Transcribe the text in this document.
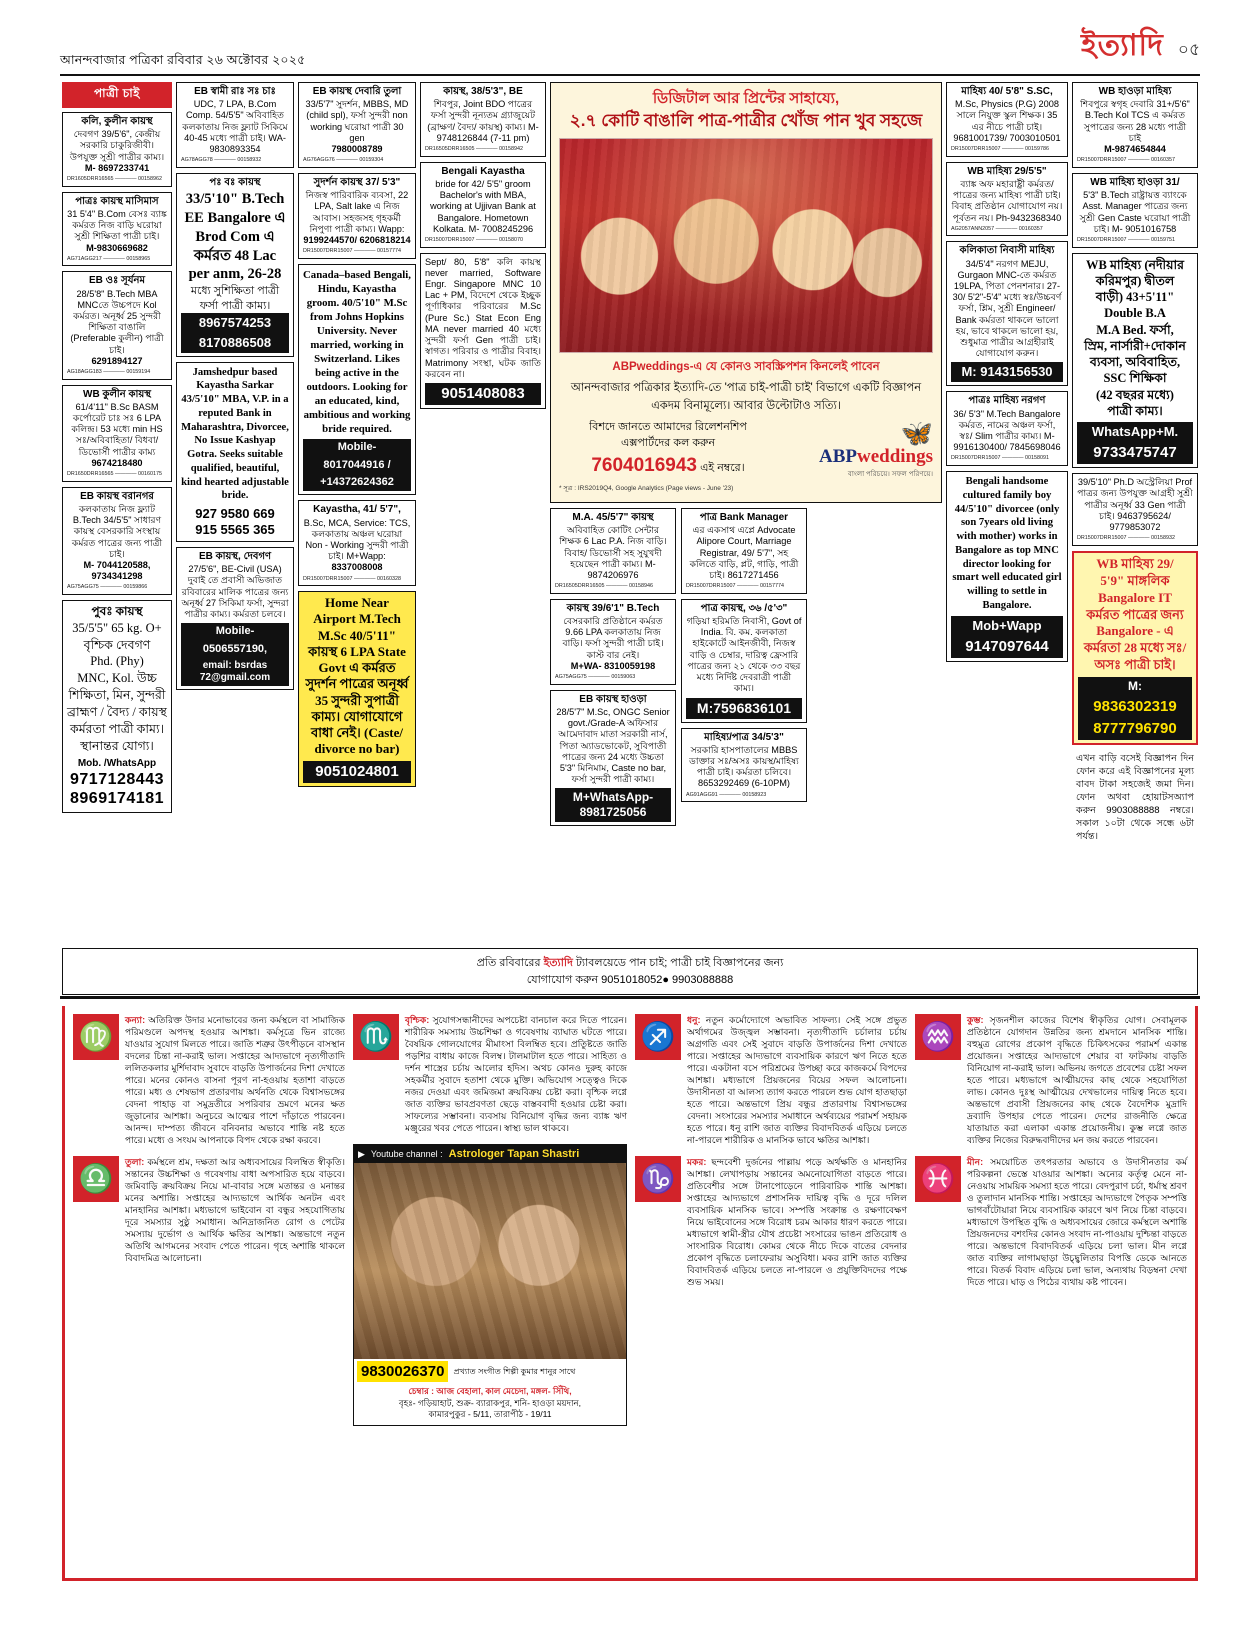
আনন্দবাজার পত্রিকা রবিবার ২৬ অক্টোবর ২০২৫	ইত্যাদি ০৫
পাত্রী চাই
কলি, কুলীন কায়স্থ
দেবগণ 39/5'6", কেন্দ্রীয় সরকারি চাকুরিজীবী। উপযুক্ত সুশ্রী পাত্রীর কাম্য।
M- 8697233741
DR1605DRR16565 ———— 00158962
পাত্রঃ কায়স্থ মাসিমাস
31 5'4" B.Com বেসঃ ব্যাঙ্ক কর্মরত নিজ বাড়ি ঘরোয়া সুশ্রী শিক্ষিতা পাত্রী চাই।
M-9830669682
AG71AGG217 ———— 00158965
EB ওঃ সূর্যনম
28/5'8" B.Tech MBA MNCতে উচ্চপদে Kol কর্মরত। অনূর্ধ্ব 25 সুন্দরী শিক্ষিতা বাঙালি (Preferable কুলীন) পাত্রী চাই।
6291894127
AG18AGG183 ———— 00159194
WB কুলীন কায়স্থ
61/4'11" B.Sc BASM কর্পোরেট চাঃ সঃ 6 LPA কলিন্দ্র। 53 মধ্যে min HS সঃ/অবিবাহিতা/ বিধবা/ডিভোর্সী পাত্রীর কাম্য
9674218480
DR1650DRR16565 ———— 00160175
EB কায়স্থ বরানগর
কলকাতায় নিজ ফ্ল্যাট B.Tech 34/5'5" সাধারণ কায়স্থ বেসরকারি সংস্থায় কর্মরত পাত্রের জন্য পাত্রী চাই।
M- 7044120588, 9734341298
AG75AGG75 ———— 00159866
পুবঃ কায়স্থ
35/5'5" 65 kg. O+
বৃশ্চিক দেবগণ
Phd. (Phy)
MNC, Kol. উচ্চ
শিক্ষিতা, মিন, সুন্দরী
ব্রাহ্মণ / বৈদ্য / কায়স্থ
কর্মরতা পাত্রী কাম্য।
স্থানান্তর যোগ্য।
Mob. /WhatsApp
9717128443
8969174181
EB স্বামী রাঃ সঃ চাঃ
UDC, 7 LPA, B.Com Comp. 54/5'5" অবিবাহিত কলকাতায় নিজ ফ্ল্যাট সিকিমে 40-45 মধ্যে পাত্রী চাই। WA-9830893354
AG78AGG78 ———— 00158932
পঃ বঃ কায়স্থ
33/5'10" B.Tech
EE Bangalore এ
Brod Com এ
কর্মরত 48 Lac
per anm, 26-28
মধ্যে সুশিক্ষিতা পাত্রী
ফর্সা পাত্রী কাম্য।
8967574253
8170886508
Jamshedpur based Kayastha Sarkar 43/5'10" MBA, V.P. in a reputed Bank in Maharashtra, Divorcee, No Issue Kashyap Gotra. Seeks suitable qualified, beautiful, kind hearted adjustable bride.
927 9580 669
915 5565 365
EB কায়স্থ, দেবগণ
27/5'6", BE-Civil (USA) দুবাই তে প্রবাসী অভিজাত রবিবারের মালিক পাত্রের জন্য অনূর্ধ্ব 27 সিকিমা ফর্সা, সুন্দরা পাত্রীর কাম্য। কর্মরতা চলবে।
Mobile-
0506557190,
email: bsrdas 72@gmail.com
EB কায়স্থ দেবারি তুলা
33/5'7" সুদর্শন, MBBS, MD (child spl), ফর্সা সুন্দরী non working ঘরোয়া পাত্রী 30 gen
7980008789
AG76AGG76 ———— 00159304
সুদর্শন কায়স্থ 37/ 5'3"
নিজস্ব পারিবারিক ব্যবসা, 22 LPA, Salt lake এ নিজ আবাস। সহজসহ গৃহকর্মী নিপুণা পাত্রী কাম্য। Wapp:
9199244570/ 6206818214
DR15007DRR15007 ———— 00157774
Canada–based Bengali, Hindu, Kayastha groom. 40/5'10" M.Sc from Johns Hopkins University. Never married, working in Switzerland. Likes being active in the outdoors. Looking for an educated, kind, ambitious and working bride required.
Mobile-
8017044916 /
+14372624362
Kayastha, 41/ 5'7",
B.Sc, MCA, Service: TCS, কলকাতায় অঞ্চল ঘরোয়া Non - Working সুন্দরী পাত্রী চাই। M+Wapp:
8337008008
DR15007DRR15007 ———— 00160328
Home Near
Airport M.Tech
M.Sc 40/5'11"
কায়স্থ 6 LPA State
Govt এ কর্মরত
সুদর্শন পাত্রের অনূর্ধ্ব
35 সুন্দরী সুপাত্রী
কাম্য। যোগাযোগে
বাধা নেই। (Caste/
divorce no bar)
9051024801
কায়স্থ, 38/5'3", BE
শিবপুর, Joint BDO পাত্রের ফর্সা সুন্দরী নূন্যতম গ্র্যাজুয়েট (ব্রাক্ষণ/ বৈদ্য/ কায়স্থ) কাম্য। M-9748126844 (7-11 pm)
DR16505DRR16505 ———— 00158942
Bengali Kayastha
bride for 42/ 5'5" groom Bachelor's with MBA, working at Ujjivan Bank at Bangalore. Hometown Kolkata. M- 7008245296
DR15007DRR15007 ———— 00158070
Sept/ 80, 5'8" কলি কায়স্থ never married, Software Engr. Singapore MNC 10 Lac + PM, বিদেশে থেকে ইচ্ছুক পূর্ণাধিকার পরিবারের M.Sc (Pure Sc.) Stat Econ Eng MA never married 40 মধ্যে সুন্দরী ফর্সা Gen পাত্রী চাই। স্বাগত। পরিবার ও পাত্রীর বিবাহ। Matrimony সংস্থা, ঘটক জাতি করবেন না।
9051408083
ডিজিটাল আর প্রিন্টের সাহায্যে,
২.৭ কোটি বাঙালি পাত্র-পাত্রীর খোঁজ পান খুব সহজে
ABPweddings-এ যে কোনও সাবস্ক্রিপশন কিনলেই পাবেন
আনন্দবাজার পত্রিকার ইত্যাদি-তে 'পাত্র চাই-পাত্রী চাই' বিভাগে একটি বিজ্ঞাপন একদম বিনামূল্যে। আবার উল্টোটাও সত্যি।
বিশদে জানতে আমাদের রিলেশনশিপ
এক্সপার্টদের কল করুন
7604016943 এই নম্বরে।
🦋
ABPweddings
বাংলা পরিচয়ে। সফল পরিণয়ে।
* সূত্র : IRS2019Q4, Google Analytics (Page views - June '23)
M.A. 45/5'7" কায়স্থ
অবিবাহিত কোটিং সেন্টার শিক্ষক 6 Lac P.A. নিজ বাড়ি। বিবাহ/ ডিভোর্সী সহ সুযুখদী হয়েছেন পাত্রী কাম্য। M- 9874206976
DR16505DRR16505 ———— 00158946
কায়স্থ 39/6'1" B.Tech
বেসরকারি প্রতিষ্ঠানে কর্মরত 9.66 LPA কলকাতায় নিজ বাড়ি। ফর্সা সুন্দরী পাত্রী চাই। কাস্ট বার নেই।
M+WA- 8310059198
AG75AGG75 ———— 00159063
EB কায়স্থ হাওড়া
28/5'7" M.Sc, ONGC Senior govt./Grade-A অফিসার আমেদাবাদ মাতা সরকারী নার্স, পিতা অ্যাডভোকেট, সুবিপাতী পাত্রের জন্য 24 মধ্যে উচ্চতা 5'3" মিনিমাম, Caste no bar, ফর্সা সুন্দরী পাত্রী কাম্য।
M+WhatsApp-8981725056
পাত্র Bank Manager
এর একসাথ এপ্লে Advocate Alipore Court, Marriage Registrar, 49/ 5'7", সহ কলিতে বাড়ি, প্লট, গাড়ি, পাত্রী চাই। 8617271456
DR15007DRR15007 ———— 00157774
পাত্র কায়স্থ, ৩৬ /৫'৩"
গড়িয়া হরিমতি নিবাসী, Govt of India. বি. কম. কলকাতা হাইকোর্টে আইনজীবী, নিজস্ব বাড়ি ও চেম্বার, দারিত্ব ফ্রেসারি পাত্রের জন্য ২১ থেকে ৩৩ বছর মধ্যে নির্দিষ্ট দেবরাত্রী পাত্রী কাম্য।
M:7596836101
মাহিষ্য/পাত্র 34/5'3"
সরকারি হাসপাতালের MBBS ডাক্তার সঃ/অসঃ কায়স্থ/মাহিষ্য পাত্রী চাই। কর্মরতা চলিবে। 8653292469 (6-10PM)
AG91AGG91 ———— 00158923
মাহিষ্য 40/ 5'8" S.SC,
M.Sc, Physics (P.G) 2008 সালে নিযুক্ত স্কুল শিক্ষক। 35 এর নীচে পাত্রী চাই। 9681001739/ 7003010501
DR15007DRR15007 ———— 00159786
WB মাহিষ্য 29/5'5"
ব্যাঙ্ক অফ মহারাষ্ট্রী কর্মরত/পাত্রের জন্য মাহিষ্য পাত্রী চাই। বিবাহ প্রতিষ্ঠান যোগাযোগ নয়। পূর্বতন নয়। Ph-9432368340
AG2057ANN2057 ———— 00160357
কলিকাতা নিবাসী মাহিষ্য
34/5'4" নরগণ MEJU, Gurgaon MNC-তে কর্মরত 19LPA, পিতা পেনশনার। 27-30/ 5'2"-5'4" মধ্যে স্বঃ/উচ্চবর্ণ ফর্সা, শ্লিম, সুশ্রী Engineer/ Bank কর্মরতা থাকলে ভালো হয়, ভাবে থাকলে ভালো হয়, শুধুমাত্র পাত্রীর আগ্রহীরাই যোগাযোগ করুন।
M: 9143156530
পাত্রঃ মাহিষ্য নরগণ
36/ 5'3" M.Tech Bangalore কর্মরত, নামের অঞ্চল ফর্সা, স্বঃ/ Slim পাত্রীর কাম্য। M- 9916130400/ 7845698046
DR15007DRR15007 ———— 00158091
Bengali handsome cultured family boy 44/5'10" divorcee (only son 7years old living with mother) works in Bangalore as top MNC director looking for smart well educated girl willing to settle in Bangalore.
Mob+Wapp
9147097644
WB হাওড়া মাহিষ্য
শিবপুরে স্বগৃহ দেবারি 31+/5'6" B.Tech Kol TCS এ কর্মরত সুপাত্রের জন্য 28 মধ্যে পাত্রী চাই
M-9874654844
DR15007DRR15007 ———— 00160357
WB মাহিষ্য হাওড়া 31/
5'3" B.Tech রাষ্ট্রায়ত্ত ব্যাংকে Asst. Manager পাত্রের জন্য সুশ্রী Gen Caste ঘরোয়া পাত্রী চাই। M- 9051016758
DR15007DRR15007 ———— 00159751
WB মাহিষ্য (নদীয়ার
করিমপুর) দ্বীতল
বাড়ী) 43+5'11"
Double B.A
M.A Bed. ফর্সা,
স্রিম, নার্সারী+দোকান
ব্যবসা, অবিবাহিত,
SSC শিক্ষিকা
(42 বছরর মধ্যে)
পাত্রী কাম্য।
WhatsApp+M.
9733475747
39/5'10" Ph.D অস্ট্রেলিয়া Prof পাত্রর জন্য উপযুক্ত আগ্রহী সুশ্রী পাত্রীর অনূর্ধ্ব 33 Gen পাত্রী চাই। 9463795624/ 9779853072
DR15007DRR15007 ———— 00158932
WB মাহিষ্য 29/
5'9" মাঙ্গলিক
Bangalore IT
কর্মরত পাত্রের জন্য
Bangalore - এ
কর্মরতা 28 মধ্যে সঃ/
অসঃ পাত্রী চাই।
M:
9836302319
8777796790
এখন বাড়ি বসেই বিজ্ঞাপন দিন ফোন করে এই বিজ্ঞাপনের মূল্য বাবদ টাকা সহজেই জমা দিন। ফোন অথবা হোয়াটসঅ্যাপ করুন 9903088888 নম্বরে। সকাল ১০টা থেকে সন্ধে ৬টা পর্যন্ত।
প্রতি রবিবারের ইত্যাদি ট্যাবলয়েডে পান চাই; পাত্রী চাই বিজ্ঞাপনের জন্য
যোগাযোগ করুন 9051018052● 9903088888
♍
কন্যা: অতিরিক্ত উদার মনোভাবের জন্য কর্মস্থলে বা সামাজিক পরিমণ্ডলে অপদস্থ হওয়ার আশঙ্কা। কর্মসূত্রে ভিন রাজ্যে যাওয়ার সুযোগ মিলতে পারে। জাতি শত্রুর উৎপীড়নে বাসস্থান বদলের চিন্তা না-করাই ভাল। সপ্তাহের আদ্যভাগে নৃত্যগীতাদি ললিতকলার মুর্শিদাবাদ সুবাদে বাড়তি উপার্জনের দিশা দেখাতে পারে। মনের কোনও বাসনা পূরণ না-হওয়ায় হতাশা বাড়তে পারে। মধ্য ও শেষভাগ প্রতারণায় অর্থনতি থেকে বিশ্বাসভঙ্গের বেদনা পাহাড় বা সমুদ্রতীরে সপরিবার ভ্রমণে মনের ক্ষত জুড়ানোর আশঙ্কা। অনুচরে আত্মের পাশে দাঁড়াতে পারবেন। আনন্দ। দাম্পত্য জীবনে বনিবনার অভাবে শান্তি নষ্ট হতে পারে। মধ্যে ও সংযম আপনাকে বিপদ থেকে রক্ষা করবে।
♎
তুলা: কর্মস্থলে শ্রম, দক্ষতা আর অধ্যবসায়ের বিলম্বিত স্বীকৃতি। সন্তানের উচ্চশিক্ষা ও গবেষণায় বাধা অপসারিত হয়ে বাড়বে। জমিবাড়ি ক্রয়বিক্রয় নিয়ে মা-বাবার সঙ্গে মতান্তর ও মনান্তর মনের অশান্তি। সপ্তাহের আদ্যভাগে আর্থিক অনটন এবং মানহানির আশঙ্কা। মধ্যভাগে ভাইবোন বা বন্ধুর সহযোগিতায় দূরে সমস্যার সুষ্ঠু সমাধান। অনিদ্রাজনিত রোগ ও পেটের সমস্যায় দুর্ভোগ ও আর্থিক ক্ষতির আশঙ্কা। অন্তভাগে নতুন অতিথি আগমনের সংবাদ পেতে পারেন। গৃহে অশান্তি থাকলে বিবাদমিত্র আলোচনা।
♏
বৃশ্চিক: সুযোগসন্ধানীদের অপচেষ্টা বানচাল করে দিতে পারেন। শারীরিক সমস্যায় উচ্চশিক্ষা ও গবেষণায় ব্যাঘাত ঘটতে পারে। বৈষয়িক গোলযোগের মীমাংসা বিলম্বিত হবে। প্রতুিষ্টতে জাতি পড়শির বাধায় কাজে বিলম্ব। টালমাটাল হতে পারে। সাহিত্য ও দর্শন শাস্ত্রের চর্চায় আলোর হদিস। অথচ কোনও দুরুহ কাজে সহকর্মীর সুবাদে হতাশা থেকে মুক্তি। অভিযোগ সত্ত্বেও দিকে নজর দেওয়া এবং জমিজমা ক্রয়বিক্রয় চেষ্টা করা। বৃশ্চিক লগ্নে জাত ব্যক্তির ভাবপ্রবণতা ছেড়ে বাস্তববাদী হওয়ার চেষ্টা করা। সাফল্যের সম্ভাবনা। ব্যবসায় বিনিয়োগ বৃদ্ধির জন্য ব্যাঙ্ক ঋণ মঞ্জুরের খবর পেতে পারেন। স্বাস্থ্য ভাল থাকবে।
▶ Youtube channel : Astrologer Tapan Shastri
9830026370	প্রখ্যাত সংগীত শিল্পী কুমার শানুর সাথে
চেম্বার : আজ বেহালা, কাল মেচেদা, মঙ্গল- সিঁথি,
বৃহঃ- গড়িয়াহাট, শুক্র- ব্যারাকপুর, শনি- হাওড়া ময়দান,
কামারপুকুর - 5/11, তারাপীঠ - 19/11
♐
ধনু: নতুন কর্মোদ্যোগে অভাবিত সাফল্য। সেই সঙ্গে প্রভুত অর্থাগমের উজ্জ্বল সম্ভাবনা। নৃত্যগীতাদি চর্চালার চর্চায় অগ্রগতি এবং সেই সুবাদে বাড়তি উপার্জনের দিশা দেখাতে পারে। সপ্তাহের আদ্যভাগে ব্যবসায়িক কারণে ঋণ নিতে হতে পারে। একটানা বসে পরিশ্রমের উপচ্ছা করে কাজকর্মে বিপদের আশঙ্কা। মধ্যভাগে প্রিয়জনের বিয়ের সফল আলোচনা। উদাসীনতা বা আলস্য ত্যাগ করতে পারলে শুভ যোগ হাতছাড়া হতে পারে। অন্তভাগে প্রিয় বন্ধুর প্রতারণায় বিশ্বাসভঙ্গের বেদনা। সংসারের সমস্যার সমাধানে অর্থব্যয়ের পরামর্শ সহায়ক হতে পারে। ধনু রাশি জাত ব্যক্তির বিবাদবিতর্ক এড়িয়ে চলতে না-পারলে শারীরিক ও মানসিক ভাবে ক্ষতির আশঙ্কা।
♑
মকর: ছন্দবেশী দুর্জনের পাল্লায় পড়ে অর্থক্ষতি ও মানহানির আশঙ্কা। লেখাপড়ায় সন্তানের অমনোযোগিতা বাড়তে পারে। প্রতিবেশীর সঙ্গে টানাপোড়েনে পারিবারিক শান্তি আশঙ্কা। সপ্তাহের আদ্যভাগে প্রশাসনিক দায়িত্ব বৃদ্ধি ও দূরে দলিল ব্যবসায়িক মানসিক ভাবে। সম্পত্তি সংক্রান্ত ও রক্ষণাবেক্ষণ নিয়ে ভাইবোনের সঙ্গে বিরোধ চরম আকার ধারণ করতে পারে। মধ্যভাগে স্বামী-স্ত্রীর যৌথ প্রচেষ্টা সংসারের ভাঙন প্রতিরোধ ও সাংসারিক বিরোধ। কোমর থেকে নীচে দিকে বাতের বেদনার প্রকোপ বৃদ্ধিতে চলাফেরায় অসুবিধা। মকর রাশি জাত ব্যক্তির বিবাদবিতর্ক এড়িয়ে চলতে না-পারলে ও প্রযুক্তিবিদদের পক্ষে শুভ সময়।
♒
কুম্ভ: সৃজনশীল কাজের বিশেষ স্বীকৃতির যোগ। সেবামূলক প্রতিষ্ঠানে যোগদান উন্নতির জন্য শ্রমদানে মানসিক শান্তি। বহুমুত্র রোগের প্রকোপ বৃদ্ধিতে চিকিৎসকের পরামর্শ একান্ত প্রয়োজন। সপ্তাহের আদ্যভাগে শেয়ার বা ফাটকায় বাড়তি বিনিয়োগ না-করাই ভাল। অভিনয় জগতে প্রবেশের চেষ্টা সফল হতে পারে। মধ্যভাগে আত্মীয়দের কাছ থেকে সহযোগিতা লাভ। কোনও দুঃস্থ আত্মীয়ের দেখভালের দায়িত্ব নিতে হবে। অন্তভাগে প্রবাসী প্রিয়জনের কাছ থেকে বৈদেশিক মুদ্রাদি দ্রব্যাদি উপহার পেতে পারেন। দেশের রাজনীতি ক্ষেত্রে যাতায়াত করা এলাকা একান্ত প্রয়োজনীয়। কুম্ভ লগ্নে জাত ব্যক্তির নিজের বিরুদ্ধবাদীদের মন জয় করতে পারবেন।
♓
মীন: সময়োচিত তৎপরতার অভাবে ও উদাসীনতার কর্ম পরিকল্পনা ভেস্তে যাওয়ার আশঙ্কা। অন্যের কর্তৃত্ব মেনে না-নেওয়ায় সাময়িক সমস্যা হতে পারে। বেদপুরাণ চর্চা, ধর্মাস্থ শ্রবণ ও তুলাদান মানসিক শান্তি। সপ্তাহের আদ্যভাগে পৈতৃক সম্পত্তি ভাগবাঁটোয়ারা নিয়ে ব্যবসায়িক কারণে ঋণ নিয়ে চিন্তা বাড়বে। মধ্যভাগে উপস্থিত বুদ্ধি ও অধ্যবসায়ের জোরে কর্মস্থলে অশান্তি প্রিয়জনদের বশংদির কোনও সংবাদ না-পাওয়ায় দুশ্চিন্তা বাড়তে পারে। অন্তভাগে বিবাদবিতর্ক এড়িয়ে চলা ভাল। মীন লগ্নে জাত ব্যক্তির লাগামছাড়া উচ্ছ্বলিতার বিপত্তি ডেকে আনতে পারে। বিতর্ক বিবাদ এড়িয়ে চলা ভাল, অন্যথায় বিড়ম্বনা দেখা দিতে পারে। ঘাড় ও পিঠের ব্যথায় কষ্ট পাবেন।
